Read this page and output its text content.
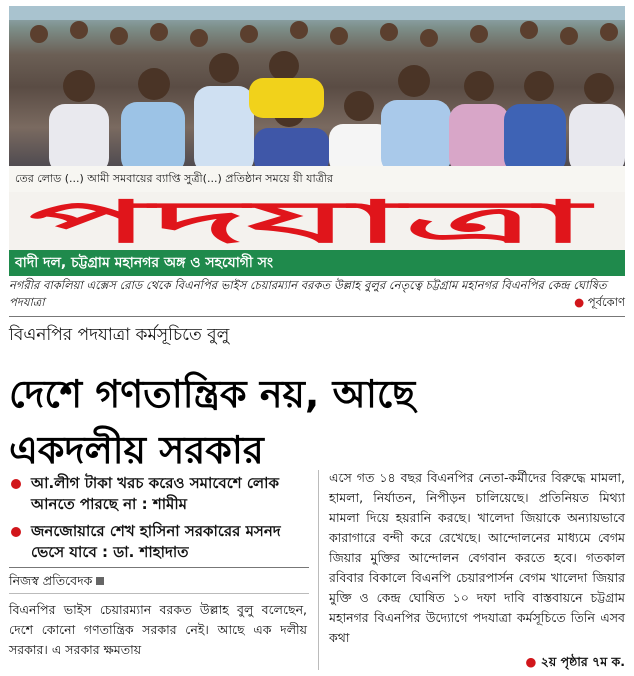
তের লোড (...) আমী সমবায়ের ব্যাপ্তি সুত্রী(...) প্রতিষ্ঠান সময়ে য়ী যাত্রীর
পদযাত্রা
বাদী দল, চট্টগ্রাম মহানগর অঙ্গ ও সহযোগী সং
নগরীর বাকলিয়া এক্সেস রোড থেকে বিএনপির ভাইস চেয়ারম্যান বরকত উল্লাহ বুলুর নেতৃত্বে চট্টগ্রাম মহানগর বিএনপির কেন্দ্র ঘোষিত পদযাত্রা	● পূর্বকোণ
বিএনপির পদযাত্রা কর্মসূচিতে বুলু
দেশে গণতান্ত্রিক নয়, আছে
একদলীয় সরকার
আ.লীগ টাকা খরচ করেও সমাবেশে লোক আনতে পারছে না : শামীম
জনজোয়ারে শেখ হাসিনা সরকারের মসনদ ভেসে যাবে : ডা. শাহাদাত
নিজস্ব প্রতিবেদক
বিএনপির ভাইস চেয়ারম্যান বরকত উল্লাহ বুলু বলেছেন, দেশে কোনো গণতান্ত্রিক সরকার নেই। আছে এক দলীয় সরকার। এ সরকার ক্ষমতায়
এসে গত ১৪ বছর বিএনপির নেতা-কর্মীদের বিরুদ্ধে মামলা, হামলা, নির্যাতন, নিপীড়ন চালিয়েছে। প্রতিনিয়ত মিথ্যা মামলা দিয়ে হয়রানি করছে। খালেদা জিয়াকে অন্যায়ভাবে কারাগারে বন্দী করে রেখেছে। আন্দোলনের মাধ্যমে বেগম জিয়ার মুক্তির আন্দোলন বেগবান করতে হবে। গতকাল রবিবার বিকালে বিএনপি চেয়ারপার্সন বেগম খালেদা জিয়ার মুক্তি ও কেন্দ্র ঘোষিত ১০ দফা দাবি বাস্তবায়নে চট্টগ্রাম মহানগর বিএনপির উদ্যোগে পদযাত্রা কর্মসূচিতে তিনি এসব কথা
● ২য় পৃষ্ঠার ৭ম ক.
